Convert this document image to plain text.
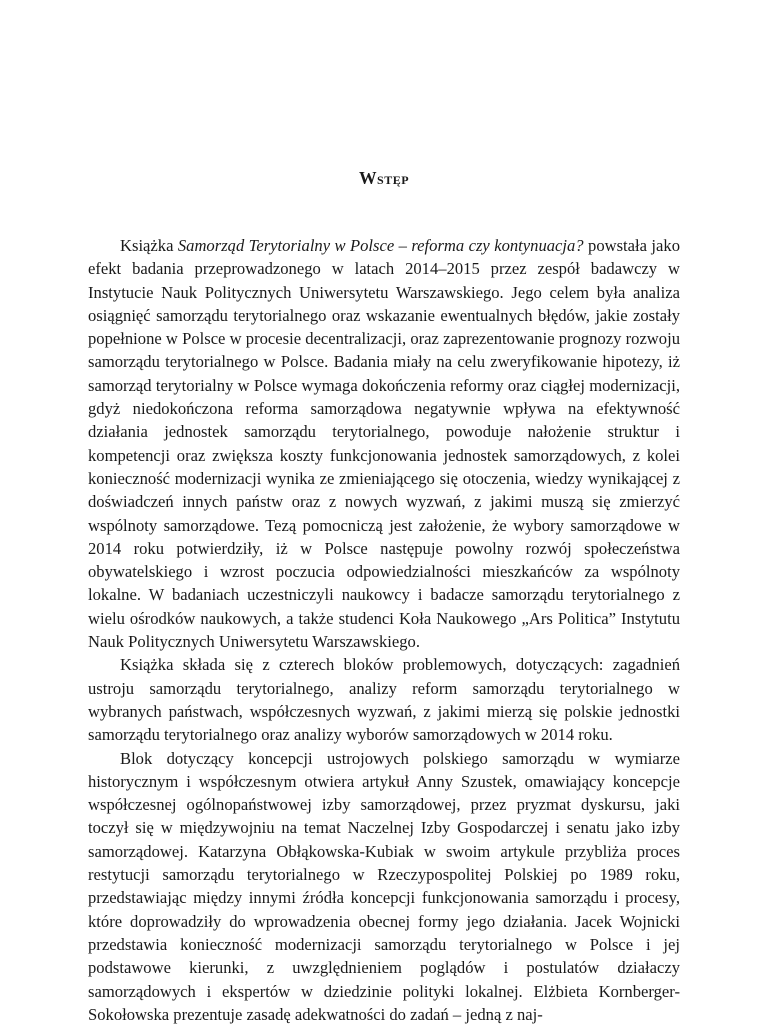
Wstęp

Książka Samorząd Terytorialny w Polsce – reforma czy kontynuacja? powstała jako efekt badania przeprowadzonego w latach 2014–2015 przez zespół badawczy w Instytucie Nauk Politycznych Uniwersytetu Warszawskiego. Jego celem była analiza osiągnięć samorządu terytorialnego oraz wskazanie ewentualnych błędów, jakie zostały popełnione w Polsce w procesie decentralizacji, oraz zaprezentowanie prognozy rozwoju samorządu terytorialnego w Polsce. Badania miały na celu zweryfikowanie hipotezy, iż samorząd terytorialny w Polsce wymaga dokończenia reformy oraz ciągłej modernizacji, gdyż niedokończona reforma samorządowa negatywnie wpływa na efektywność działania jednostek samorządu terytorialnego, powoduje nałożenie struktur i kompetencji oraz zwiększa koszty funkcjonowania jednostek samorządowych, z kolei konieczność modernizacji wynika ze zmieniającego się otoczenia, wiedzy wynikającej z doświadczeń innych państw oraz z nowych wyzwań, z jakimi muszą się zmierzyć wspólnoty samorządowe. Tezą pomocniczą jest założenie, że wybory samorządowe w 2014 roku potwierdziły, iż w Polsce następuje powolny rozwój społeczeństwa obywatelskiego i wzrost poczucia odpowiedzialności mieszkańców za wspólnoty lokalne. W badaniach uczestniczyli naukowcy i badacze samorządu terytorialnego z wielu ośrodków naukowych, a także studenci Koła Naukowego „Ars Politica” Instytutu Nauk Politycznych Uniwersytetu Warszawskiego.

Książka składa się z czterech bloków problemowych, dotyczących: zagadnień ustroju samorządu terytorialnego, analizy reform samorządu terytorialnego w wybranych państwach, współczesnych wyzwań, z jakimi mierzą się polskie jednostki samorządu terytorialnego oraz analizy wyborów samorządowych w 2014 roku.

Blok dotyczący koncepcji ustrojowych polskiego samorządu w wymiarze historycznym i współczesnym otwiera artykuł Anny Szustek, omawiający koncepcje współczesnej ogólnopaństwowej izby samorządowej, przez pryzmat dyskursu, jaki toczył się w międzywojniu na temat Naczelnej Izby Gospodarczej i senatu jako izby samorządowej. Katarzyna Obłąkowska-Kubiak w swoim artykule przybliża proces restytucji samorządu terytorialnego w Rzeczypospolitej Polskiej po 1989 roku, przedstawiając między innymi źródła koncepcji funkcjonowania samorządu i procesy, które doprowadziły do wprowadzenia obecnej formy jego działania. Jacek Wojnicki przedstawia konieczność modernizacji samorządu terytorialnego w Polsce i jej podstawowe kierunki, z uwzględnieniem poglądów i postulatów działaczy samorządowych i ekspertów w dziedzinie polityki lokalnej. Elżbieta Kornberger-Sokołowska prezentuje zasadę adekwatności do zadań – jedną z naj-
